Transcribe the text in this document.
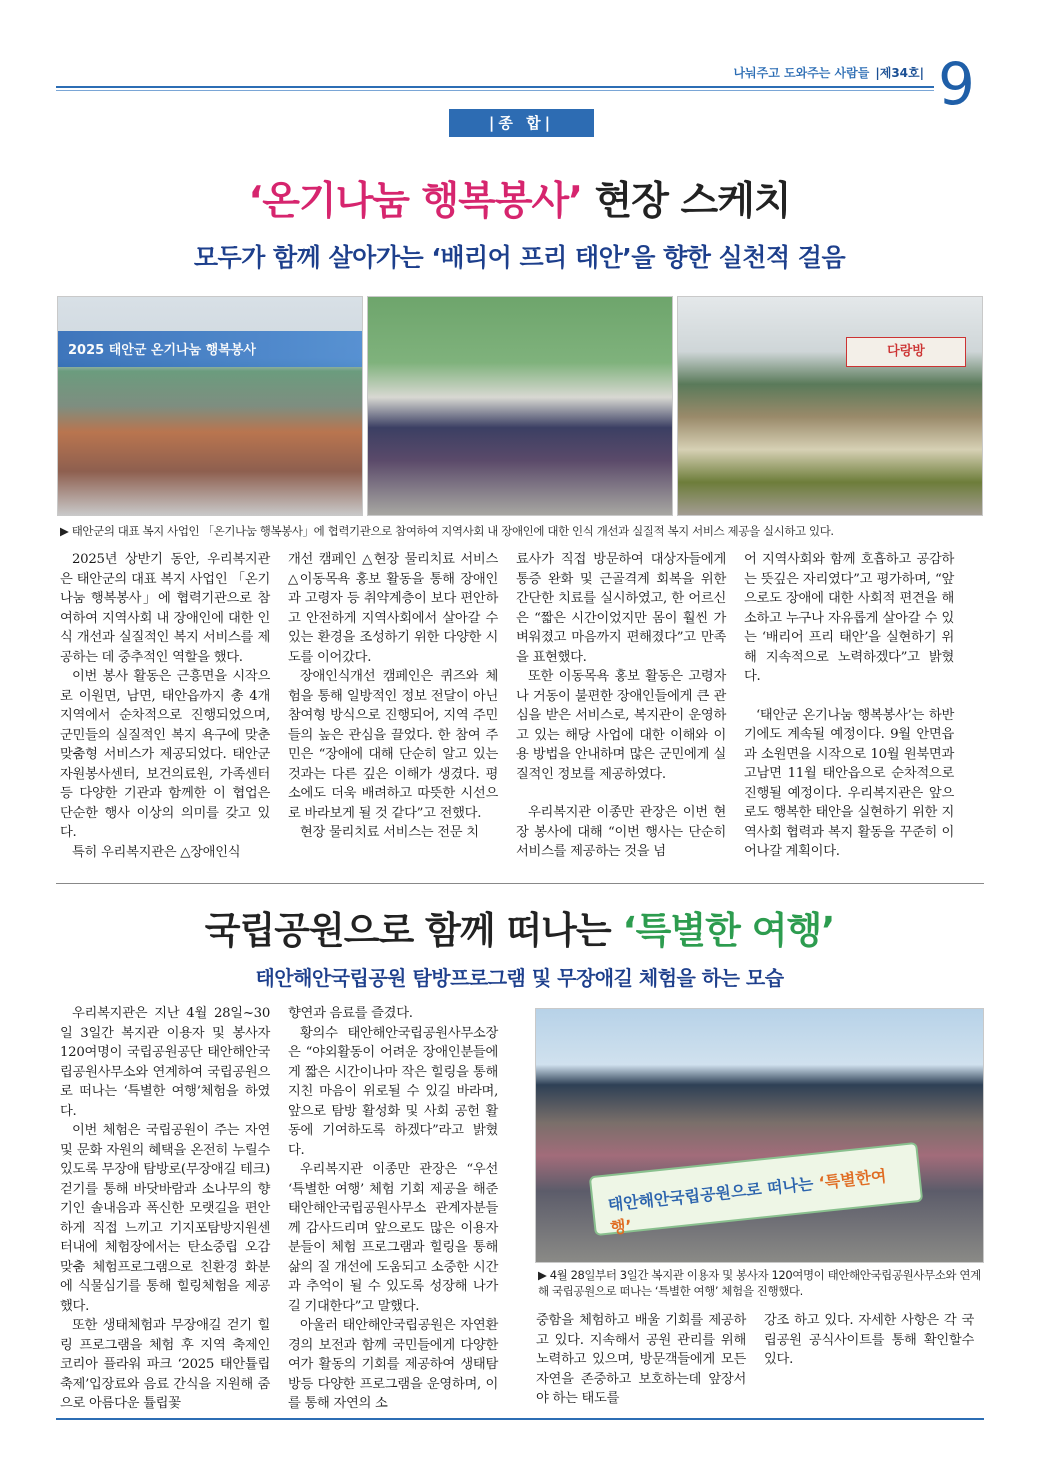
나눠주고 도와주는 사람들 |제34호| 9
|종 합|
‘온기나눔 행복봉사’ 현장 스케치
모두가 함께 살아가는 ‘배리어 프리 태안’을 향한 실천적 걸음
2025 태안군 온기나눔 행복봉사	다랑방
▶ 태안군의 대표 복지 사업인 「온기나눔 행복봉사」에 협력기관으로 참여하여 지역사회 내 장애인에 대한 인식 개선과 실질적 복지 서비스 제공을 실시하고 있다.

2025년 상반기 동안, 우리복지관은 태안군의 대표 복지 사업인 「온기나눔 행복봉사」에 협력기관으로 참여하여 지역사회 내 장애인에 대한 인식 개선과 실질적인 복지 서비스를 제공하는 데 중추적인 역할을 했다.

이번 봉사 활동은 근흥면을 시작으로 이원면, 남면, 태안읍까지 총 4개 지역에서 순차적으로 진행되었으며, 군민들의 실질적인 복지 욕구에 맞춘 맞춤형 서비스가 제공되었다. 태안군자원봉사센터, 보건의료원, 가족센터 등 다양한 기관과 함께한 이 협업은 단순한 행사 이상의 의미를 갖고 있다.

특히 우리복지관은 △장애인식

개선 캠페인 △현장 물리치료 서비스 △이동목욕 홍보 활동을 통해 장애인과 고령자 등 취약계층이 보다 편안하고 안전하게 지역사회에서 살아갈 수 있는 환경을 조성하기 위한 다양한 시도를 이어갔다.

장애인식개선 캠페인은 퀴즈와 체험을 통해 일방적인 정보 전달이 아닌 참여형 방식으로 진행되어, 지역 주민들의 높은 관심을 끌었다. 한 참여 주민은 “장애에 대해 단순히 알고 있는 것과는 다른 깊은 이해가 생겼다. 평소에도 더욱 배려하고 따뜻한 시선으로 바라보게 될 것 같다”고 전했다.

현장 물리치료 서비스는 전문 치

료사가 직접 방문하여 대상자들에게 통증 완화 및 근골격계 회복을 위한 간단한 치료를 실시하였고, 한 어르신은 “짧은 시간이었지만 몸이 훨씬 가벼워졌고 마음까지 편해졌다”고 만족을 표현했다.

또한 이동목욕 홍보 활동은 고령자나 거동이 불편한 장애인들에게 큰 관심을 받은 서비스로, 복지관이 운영하고 있는 해당 사업에 대한 이해와 이용 방법을 안내하며 많은 군민에게 실질적인 정보를 제공하였다.

우리복지관 이종만 관장은 이번 현장 봉사에 대해 “이번 행사는 단순히 서비스를 제공하는 것을 넘

어 지역사회와 함께 호흡하고 공감하는 뜻깊은 자리였다”고 평가하며, “앞으로도 장애에 대한 사회적 편견을 해소하고 누구나 자유롭게 살아갈 수 있는 ‘배리어 프리 태안’을 실현하기 위해 지속적으로 노력하겠다”고 밝혔다.

‘태안군 온기나눔 행복봉사’는 하반기에도 계속될 예정이다. 9월 안면읍과 소원면을 시작으로 10월 원북면과 고남면 11월 태안읍으로 순차적으로 진행될 예정이다. 우리복지관은 앞으로도 행복한 태안을 실현하기 위한 지역사회 협력과 복지 활동을 꾸준히 이어나갈 계획이다.

국립공원으로 함께 떠나는 ‘특별한 여행’
태안해안국립공원 탐방프로그램 및 무장애길 체험을 하는 모습

우리복지관은 지난 4월 28일~30일 3일간 복지관 이용자 및 봉사자 120여명이 국립공원공단 태안해안국립공원사무소와 연계하여 국립공원으로 떠나는 ‘특별한 여행’체험을 하였다.

이번 체험은 국립공원이 주는 자연 및 문화 자원의 혜택을 온전히 누릴수 있도록 무장애 탐방로(무장애길 테크) 걷기를 통해 바닷바람과 소나무의 향기인 솔내음과 폭신한 모랫길을 편안하게 직접 느끼고 기지포탐방지원센터내에 체험장에서는 탄소중립 오감맞춤 체험프로그램으로 친환경 화분에 식물심기를 통해 힐링체험을 제공했다.

또한 생태체험과 무장애길 걷기 힐링 프로그램을 체험 후 지역 축제인 코리아 플라워 파크 ‘2025 태안튤립축제’입장료와 음료 간식을 지원해 줌으로 아름다운 튤립꽃

향연과 음료를 즐겼다.

황의수 태안해안국립공원사무소장은 “야외활동이 어려운 장애인분들에게 짧은 시간이나마 작은 힐링을 통해 지친 마음이 위로될 수 있길 바라며, 앞으로 탐방 활성화 및 사회 공헌 활동에 기여하도록 하겠다”라고 밝혔다.

우리복지관 이종만 관장은 “우선 ‘특별한 여행’ 체험 기회 제공을 해준 태안해안국립공원사무소 관계자분들께 감사드리며 앞으로도 많은 이용자분들이 체험 프로그램과 힐링을 통해 삶의 질 개선에 도움되고 소중한 시간과 추억이 될 수 있도록 성장해 나가길 기대한다”고 말했다.

아울러 태안해안국립공원은 자연환경의 보전과 함께 국민들에게 다양한 여가 활동의 기회를 제공하여 생태탐방등 다양한 프로그램을 운영하며, 이를 통해 자연의 소

태안해안국립공원으로 떠나는 ‘특별한여행’
▶ 4월 28일부터 3일간 복지관 이용자 및 봉사자 120여명이 태안해안국립공원사무소와 연계해 국립공원으로 떠나는 ‘특별한 여행’ 체험을 진행했다.

중함을 체험하고 배울 기회를 제공하고 있다. 지속해서 공원 관리를 위해 노력하고 있으며, 방문객들에게 모든 자연을 존중하고 보호하는데 앞장서야 하는 태도를

강조 하고 있다. 자세한 사항은 각 국립공원 공식사이트를 통해 확인할수 있다.
